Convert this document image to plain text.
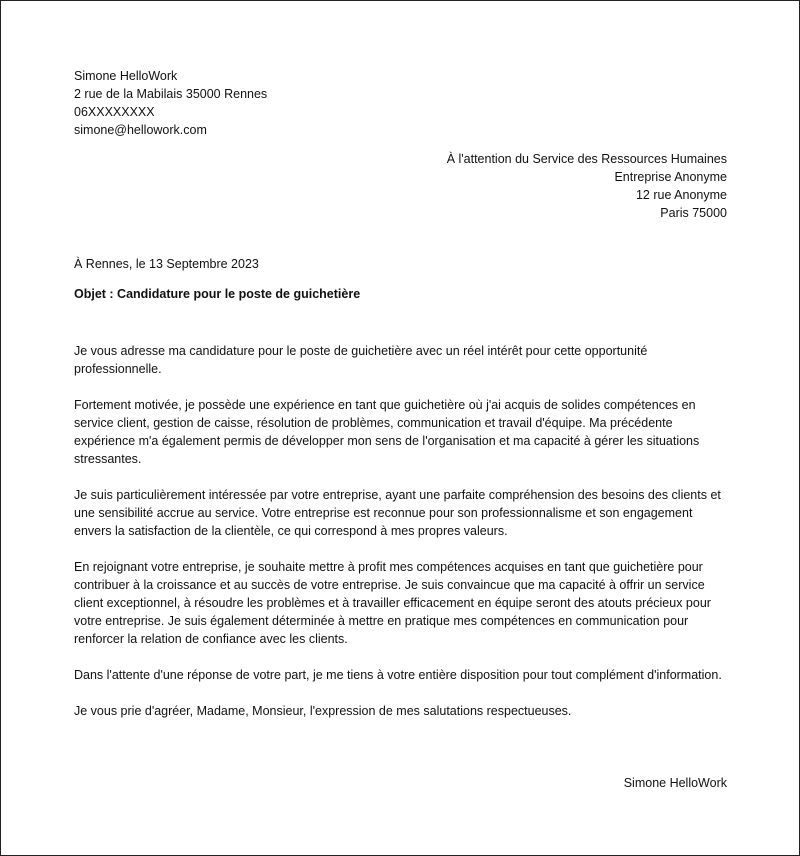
Simone HelloWork
2 rue de la Mabilais 35000 Rennes
06XXXXXXXX
simone@hellowork.com
À l'attention du Service des Ressources Humaines
Entreprise Anonyme
12 rue Anonyme
Paris 75000
À Rennes, le 13 Septembre 2023
Objet : Candidature pour le poste de guichetière

Je vous adresse ma candidature pour le poste de guichetière avec un réel intérêt pour cette opportunité professionnelle.

Fortement motivée, je possède une expérience en tant que guichetière où j'ai acquis de solides compétences en service client, gestion de caisse, résolution de problèmes, communication et travail d'équipe. Ma précédente expérience m'a également permis de développer mon sens de l'organisation et ma capacité à gérer les situations stressantes.

Je suis particulièrement intéressée par votre entreprise, ayant une parfaite compréhension des besoins des clients et une sensibilité accrue au service. Votre entreprise est reconnue pour son professionnalisme et son engagement envers la satisfaction de la clientèle, ce qui correspond à mes propres valeurs.

En rejoignant votre entreprise, je souhaite mettre à profit mes compétences acquises en tant que guichetière pour contribuer à la croissance et au succès de votre entreprise. Je suis convaincue que ma capacité à offrir un service client exceptionnel, à résoudre les problèmes et à travailler efficacement en équipe seront des atouts précieux pour votre entreprise. Je suis également déterminée à mettre en pratique mes compétences en communication pour renforcer la relation de confiance avec les clients.

Dans l'attente d'une réponse de votre part, je me tiens à votre entière disposition pour tout complément d'information.

Je vous prie d'agréer, Madame, Monsieur, l'expression de mes salutations respectueuses.

Simone HelloWork
